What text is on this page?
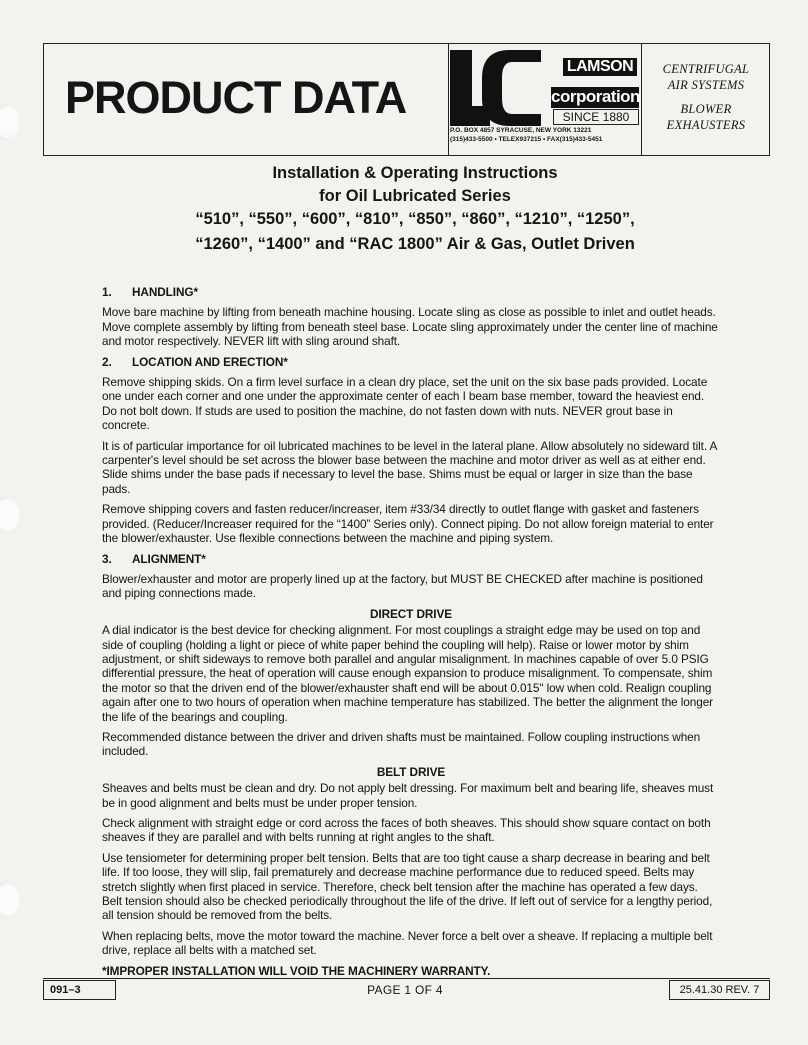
PRODUCT DATA
LAMSON
corporation
SINCE 1880
P.O. BOX 4857 SYRACUSE, NEW YORK 13221
(315)433-5500 • TELEX937215 • FAX(315)433-5451
CENTRIFUGAL
AIR SYSTEMS
BLOWER
EXHAUSTERS
Installation & Operating Instructions
for Oil Lubricated Series
“510”, “550”, “600”, “810”, “850”, “860”, “1210”, “1250”,
“1260”, “1400” and “RAC 1800” Air & Gas, Outlet Driven
1. HANDLING*

Move bare machine by lifting from beneath machine housing. Locate sling as close as possible to inlet and outlet heads. Move complete assembly by lifting from beneath steel base. Locate sling approximately under the center line of machine and motor respectively. NEVER lift with sling around shaft.

2. LOCATION AND ERECTION*

Remove shipping skids. On a firm level surface in a clean dry place, set the unit on the six base pads provided. Locate one under each corner and one under the approximate center of each I beam base member, toward the heaviest end. Do not bolt down. If studs are used to position the machine, do not fasten down with nuts. NEVER grout base in concrete.

It is of particular importance for oil lubricated machines to be level in the lateral plane. Allow absolutely no sideward tilt. A carpenter's level should be set across the blower base between the machine and motor driver as well as at either end. Slide shims under the base pads if necessary to level the base. Shims must be equal or larger in size than the base pads.

Remove shipping covers and fasten reducer/increaser, item #33/34 directly to outlet flange with gasket and fasteners provided. (Reducer/Increaser required for the “1400” Series only). Connect piping. Do not allow foreign material to enter the blower/exhauster. Use flexible connections between the machine and piping system.

3. ALIGNMENT*

Blower/exhauster and motor are properly lined up at the factory, but MUST BE CHECKED after machine is positioned and piping connections made.

DIRECT DRIVE

A dial indicator is the best device for checking alignment. For most couplings a straight edge may be used on top and side of coupling (holding a light or piece of white paper behind the coupling will help). Raise or lower motor by shim adjustment, or shift sideways to remove both parallel and angular misalignment. In machines capable of over 5.0 PSIG differential pressure, the heat of operation will cause enough expansion to produce misalignment. To compensate, shim the motor so that the driven end of the blower/exhauster shaft end will be about 0.015" low when cold. Realign coupling again after one to two hours of operation when machine temperature has stabilized. The better the alignment the longer the life of the bearings and coupling.

Recommended distance between the driver and driven shafts must be maintained. Follow coupling instructions when included.

BELT DRIVE

Sheaves and belts must be clean and dry. Do not apply belt dressing. For maximum belt and bearing life, sheaves must be in good alignment and belts must be under proper tension.

Check alignment with straight edge or cord across the faces of both sheaves. This should show square contact on both sheaves if they are parallel and with belts running at right angles to the shaft.

Use tensiometer for determining proper belt tension. Belts that are too tight cause a sharp decrease in bearing and belt life. If too loose, they will slip, fail prematurely and decrease machine performance due to reduced speed. Belts may stretch slightly when first placed in service. Therefore, check belt tension after the machine has operated a few days. Belt tension should also be checked periodically throughout the life of the drive. If left out of service for a lengthy period, all tension should be removed from the belts.

When replacing belts, move the motor toward the machine. Never force a belt over a sheave. If replacing a multiple belt drive, replace all belts with a matched set.

*IMPROPER INSTALLATION WILL VOID THE MACHINERY WARRANTY.
091–3	PAGE 1 OF 4	25.41.30 REV. 7
